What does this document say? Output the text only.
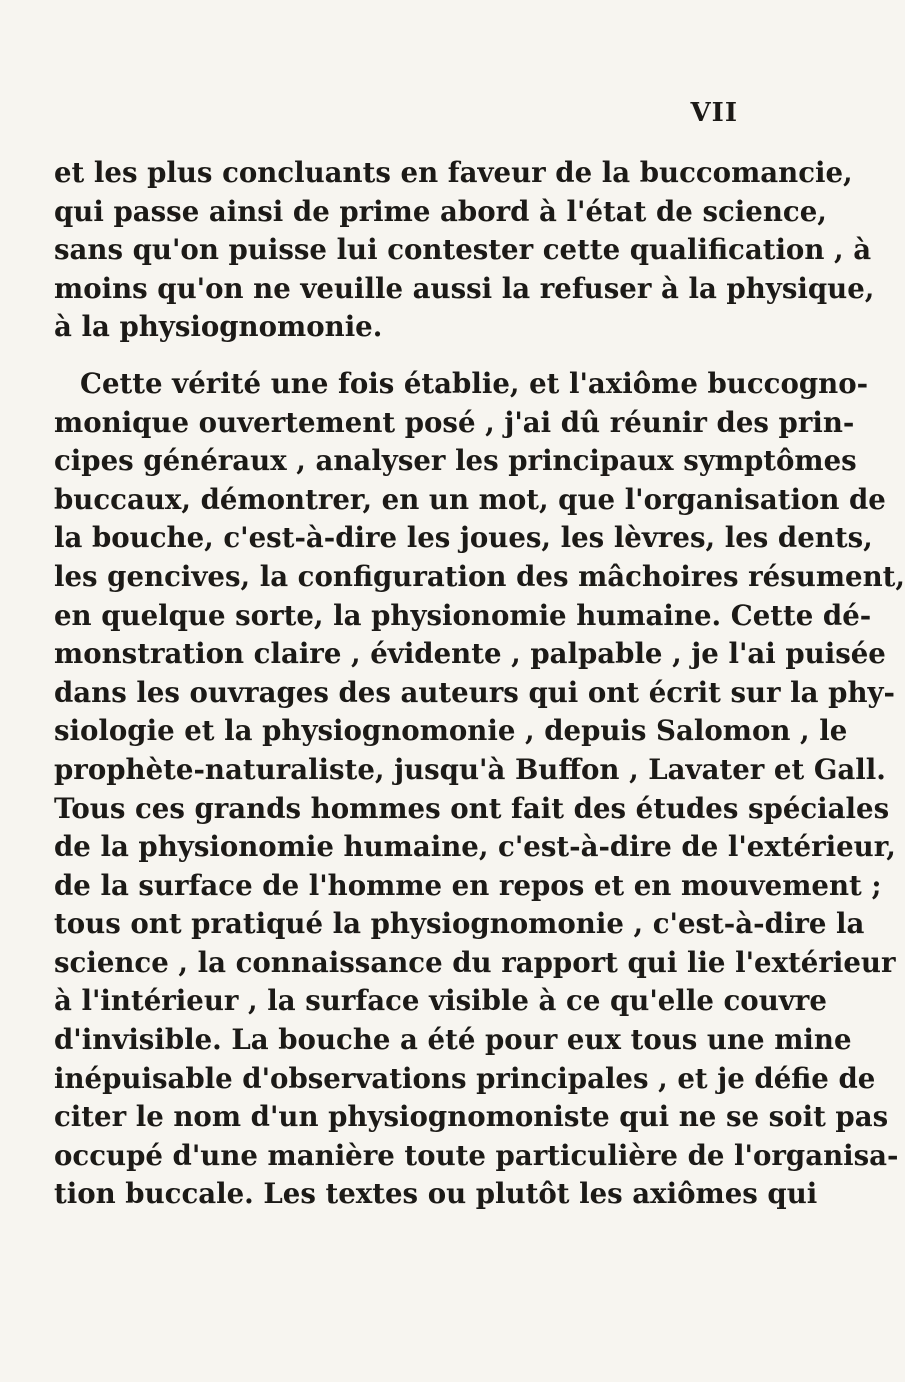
VII
et les plus concluants en faveur de la buccomancie,
qui passe ainsi de prime abord à l'état de science,
sans qu'on puisse lui contester cette qualification , à
moins qu'on ne veuille aussi la refuser à la physique,
à la physiognomonie.
Cette vérité une fois établie, et l'axiôme buccogno-
monique ouvertement posé , j'ai dû réunir des prin-
cipes généraux , analyser les principaux symptômes
buccaux, démontrer, en un mot, que l'organisation de
la bouche, c'est-à-dire les joues, les lèvres, les dents,
les gencives, la configuration des mâchoires résument,
en quelque sorte, la physionomie humaine. Cette dé-
monstration claire , évidente , palpable , je l'ai puisée
dans les ouvrages des auteurs qui ont écrit sur la phy-
siologie et la physiognomonie , depuis Salomon , le
prophète-naturaliste, jusqu'à Buffon , Lavater et Gall.
Tous ces grands hommes ont fait des études spéciales
de la physionomie humaine, c'est-à-dire de l'extérieur,
de la surface de l'homme en repos et en mouvement ;
tous ont pratiqué la physiognomonie , c'est-à-dire la
science , la connaissance du rapport qui lie l'extérieur
à l'intérieur , la surface visible à ce qu'elle couvre
d'invisible. La bouche a été pour eux tous une mine
inépuisable d'observations principales , et je défie de
citer le nom d'un physiognomoniste qui ne se soit pas
occupé d'une manière toute particulière de l'organisa-
tion buccale. Les textes ou plutôt les axiômes qui
